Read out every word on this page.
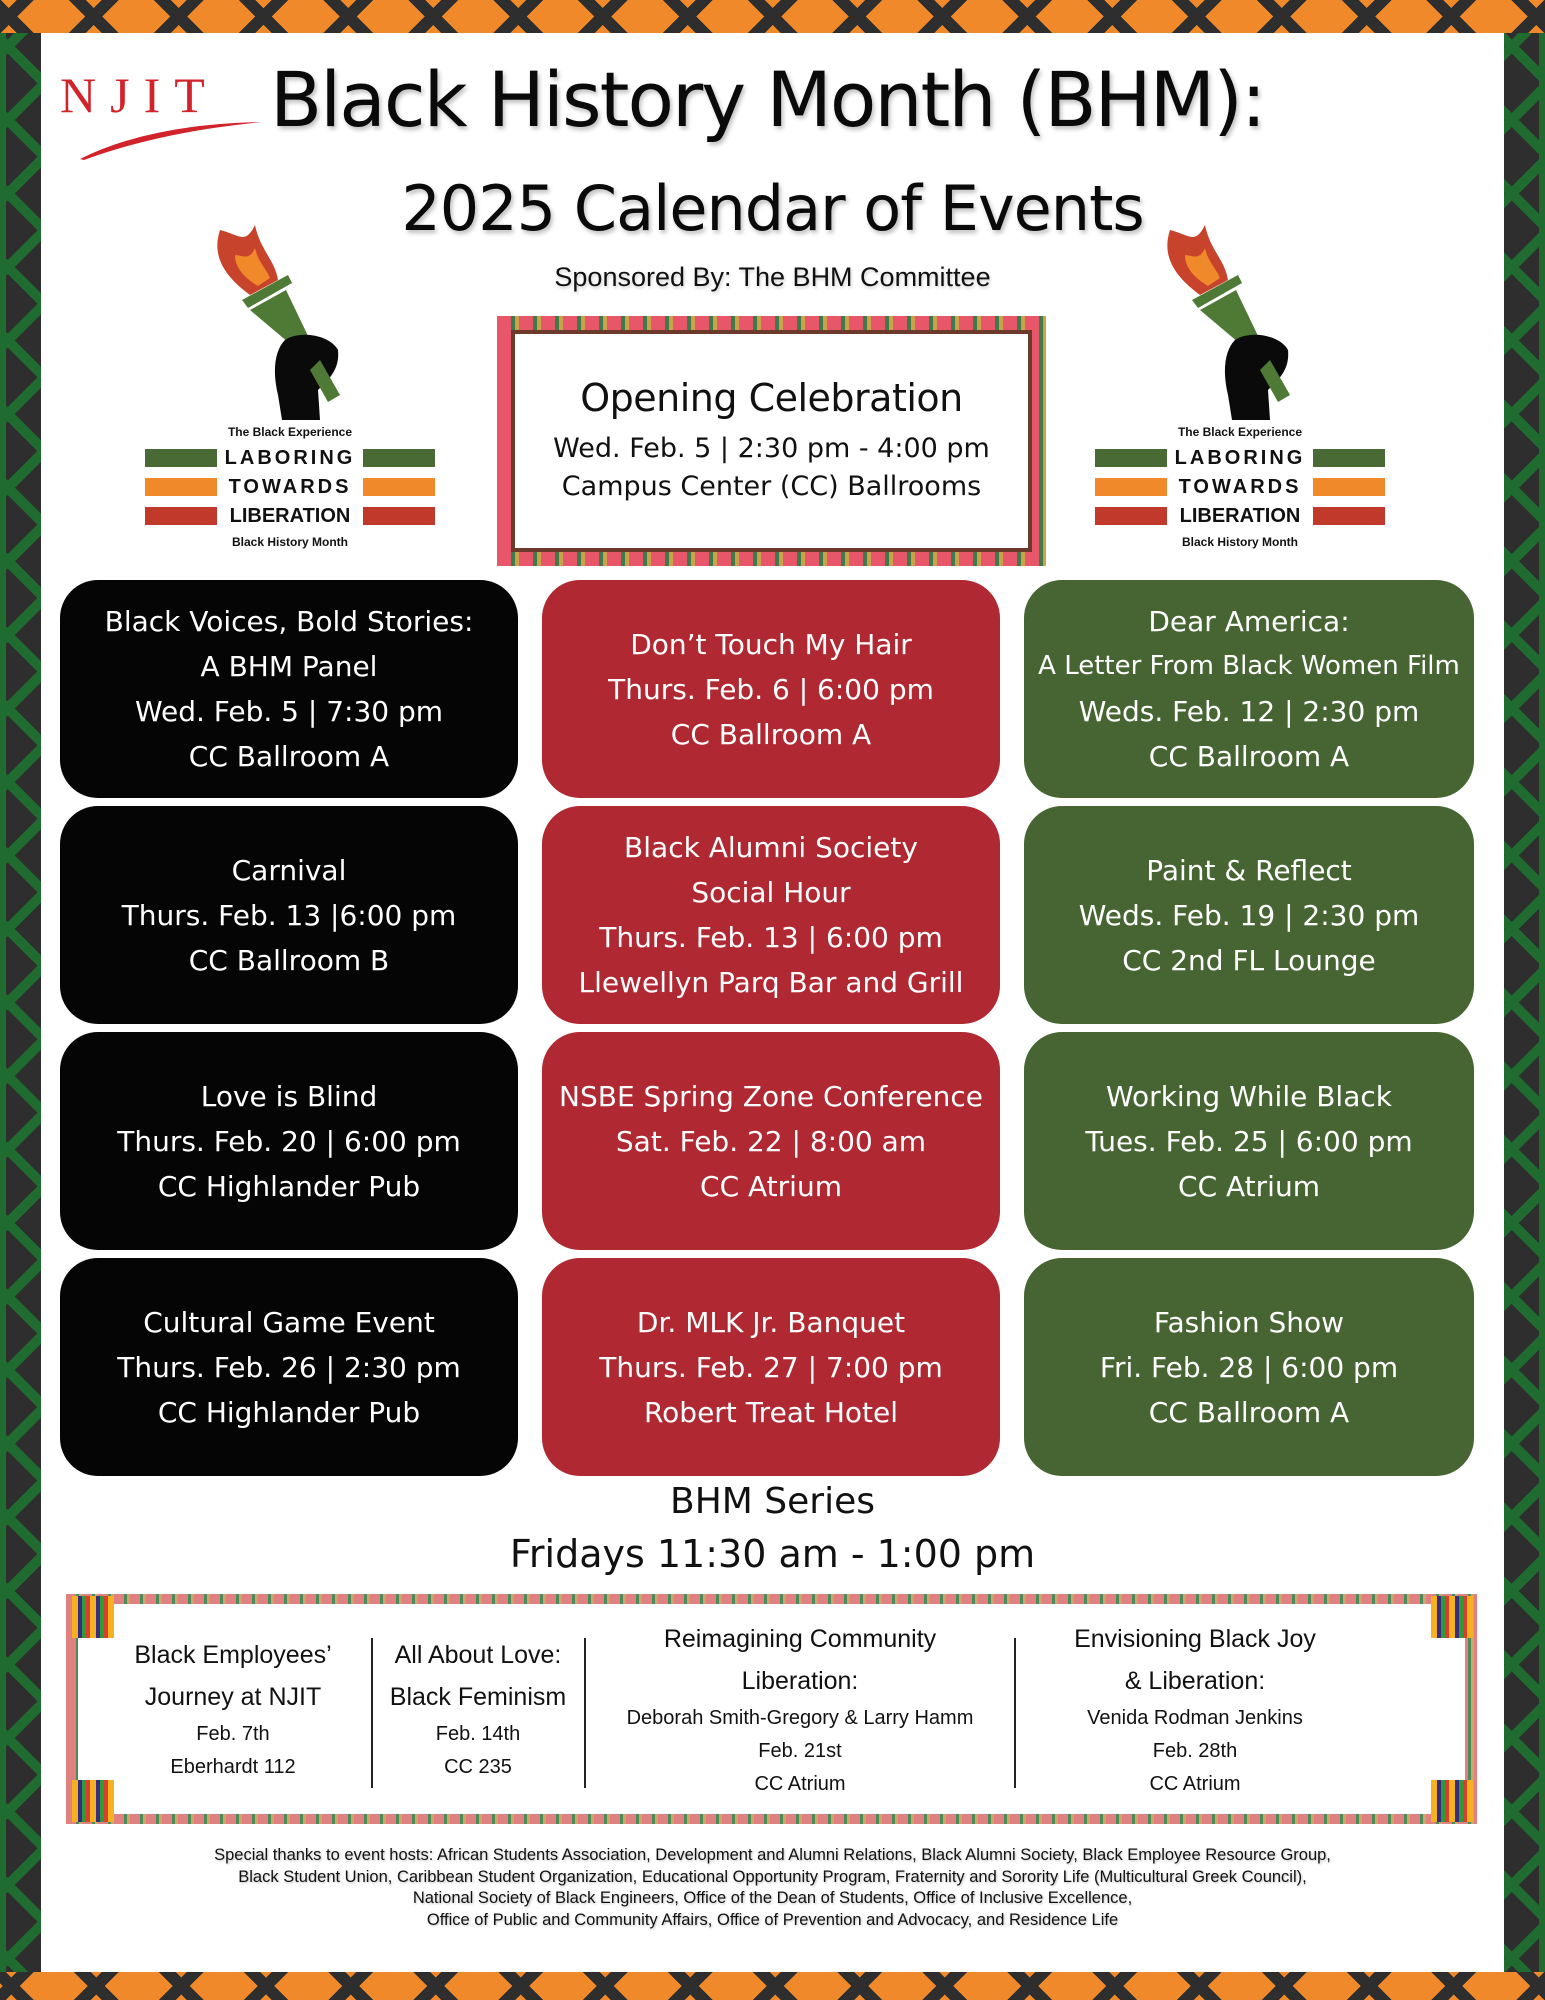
NJIT Black History Month (BHM):
2025 Calendar of Events
Sponsored By: The BHM Committee
The Black Experience
LABORING
TOWARDS
LIBERATION
Black History Month
The Black Experience
LABORING
TOWARDS
LIBERATION
Black History Month
Opening Celebration
Wed. Feb. 5 | 2:30 pm - 4:00 pm
Campus Center (CC) Ballrooms
Black Voices, Bold Stories:
A BHM Panel
Wed. Feb. 5 | 7:30 pm
CC Ballroom A
Don’t Touch My Hair
Thurs. Feb. 6 | 6:00 pm
CC Ballroom A
Dear America:
A Letter From Black Women Film
Weds. Feb. 12 | 2:30 pm
CC Ballroom A
Carnival
Thurs. Feb. 13 |6:00 pm
CC Ballroom B
Black Alumni Society
Social Hour
Thurs. Feb. 13 | 6:00 pm
Llewellyn Parq Bar and Grill
Paint & Reflect
Weds. Feb. 19 | 2:30 pm
CC 2nd FL Lounge
Love is Blind
Thurs. Feb. 20 | 6:00 pm
CC Highlander Pub
NSBE Spring Zone Conference
Sat. Feb. 22 | 8:00 am
CC Atrium
Working While Black
Tues. Feb. 25 | 6:00 pm
CC Atrium
Cultural Game Event
Thurs. Feb. 26 | 2:30 pm
CC Highlander Pub
Dr. MLK Jr. Banquet
Thurs. Feb. 27 | 7:00 pm
Robert Treat Hotel
Fashion Show
Fri. Feb. 28 | 6:00 pm
CC Ballroom A
BHM Series
Fridays 11:30 am - 1:00 pm
Black Employees’
Journey at NJIT
Feb. 7th
Eberhardt 112
All About Love:
Black Feminism
Feb. 14th
CC 235
Reimagining Community
Liberation:
Deborah Smith-Gregory & Larry Hamm
Feb. 21st
CC Atrium
Envisioning Black Joy
& Liberation:
Venida Rodman Jenkins
Feb. 28th
CC Atrium
Special thanks to event hosts: African Students Association, Development and Alumni Relations, Black Alumni Society, Black Employee Resource Group,
Black Student Union, Caribbean Student Organization, Educational Opportunity Program, Fraternity and Sorority Life (Multicultural Greek Council),
National Society of Black Engineers, Office of the Dean of Students, Office of Inclusive Excellence,
Office of Public and Community Affairs, Office of Prevention and Advocacy, and Residence Life
